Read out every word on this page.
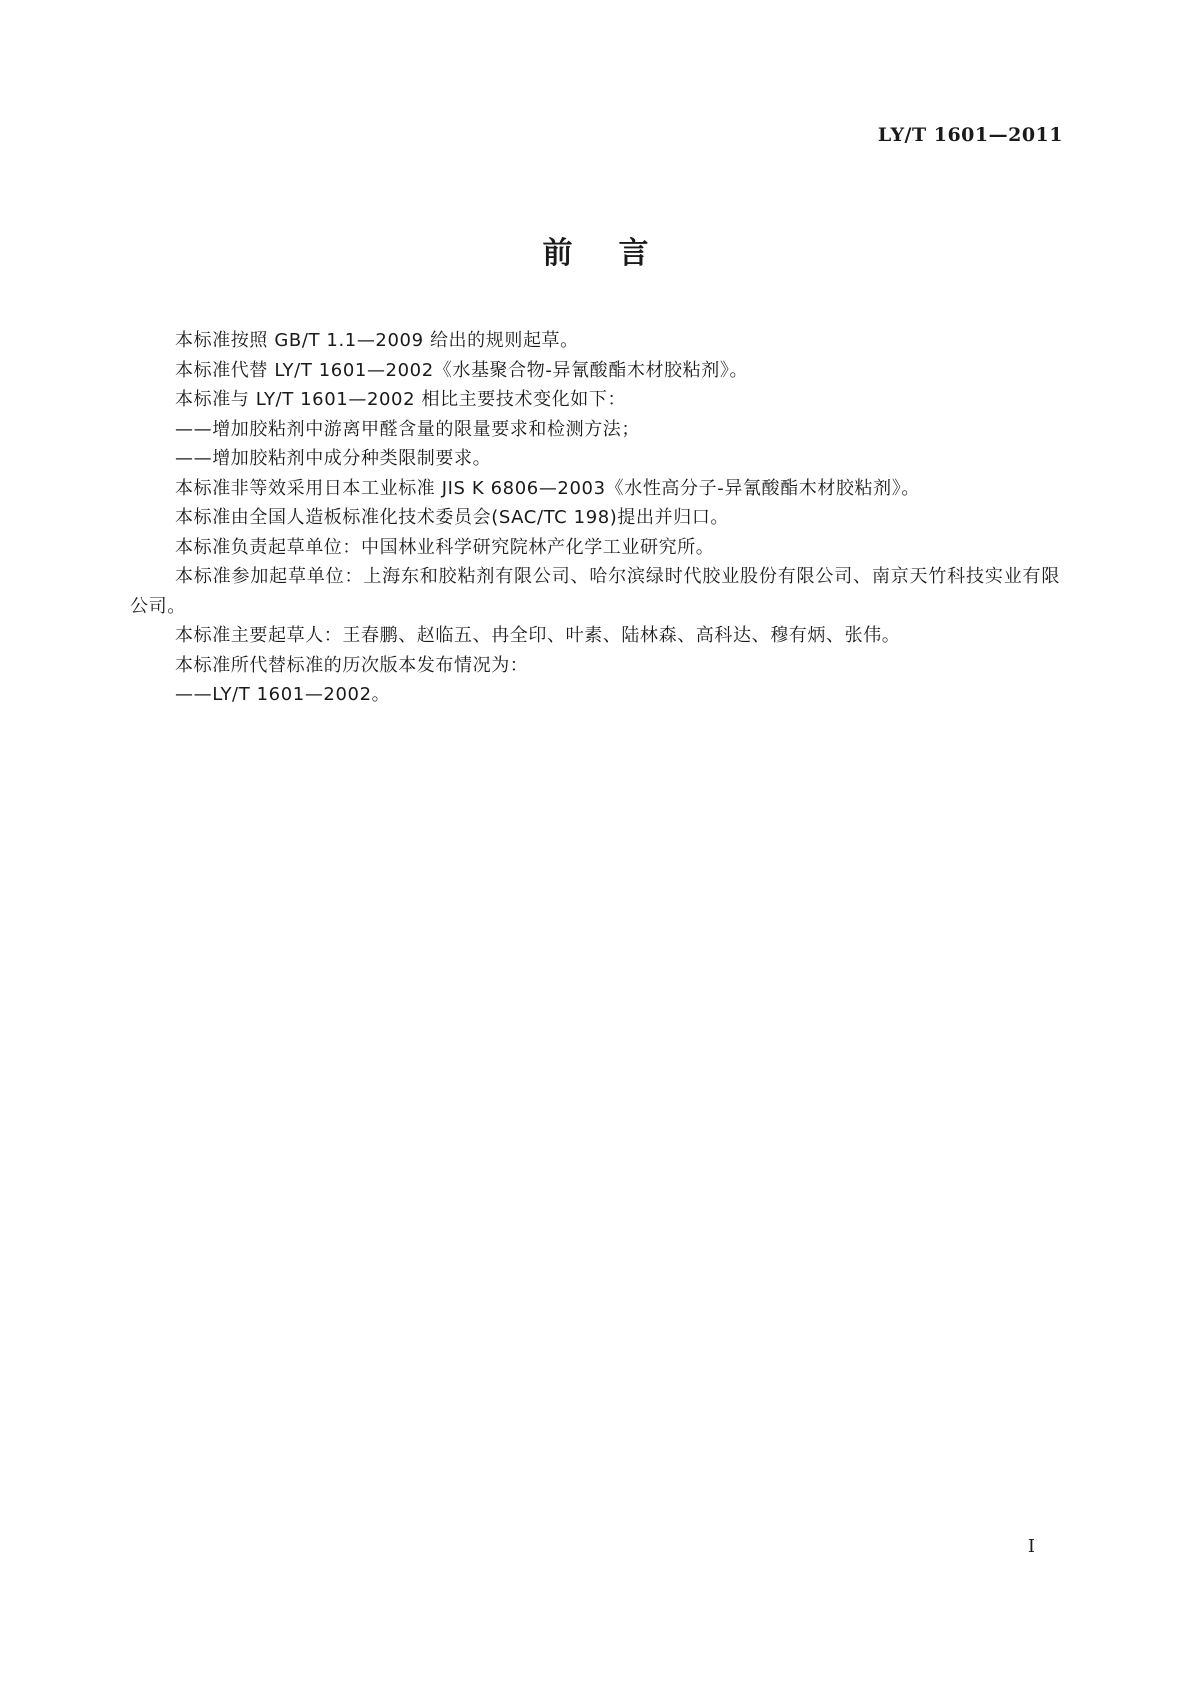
LY/T 1601—2011
前言

本标准按照 GB/T 1.1—2009 给出的规则起草。

本标准代替 LY/T 1601—2002《水基聚合物-异氰酸酯木材胶粘剂》。

本标准与 LY/T 1601—2002 相比主要技术变化如下：

——增加胶粘剂中游离甲醛含量的限量要求和检测方法；

——增加胶粘剂中成分种类限制要求。

本标准非等效采用日本工业标准 JIS K 6806—2003《水性高分子-异氰酸酯木材胶粘剂》。

本标准由全国人造板标准化技术委员会(SAC/TC 198)提出并归口。

本标准负责起草单位：中国林业科学研究院林产化学工业研究所。

本标准参加起草单位：上海东和胶粘剂有限公司、哈尔滨绿时代胶业股份有限公司、南京天竹科技实业有限公司。

本标准主要起草人：王春鹏、赵临五、冉全印、叶素、陆林森、高科达、穆有炳、张伟。

本标准所代替标准的历次版本发布情况为：

——LY/T 1601—2002。

I
